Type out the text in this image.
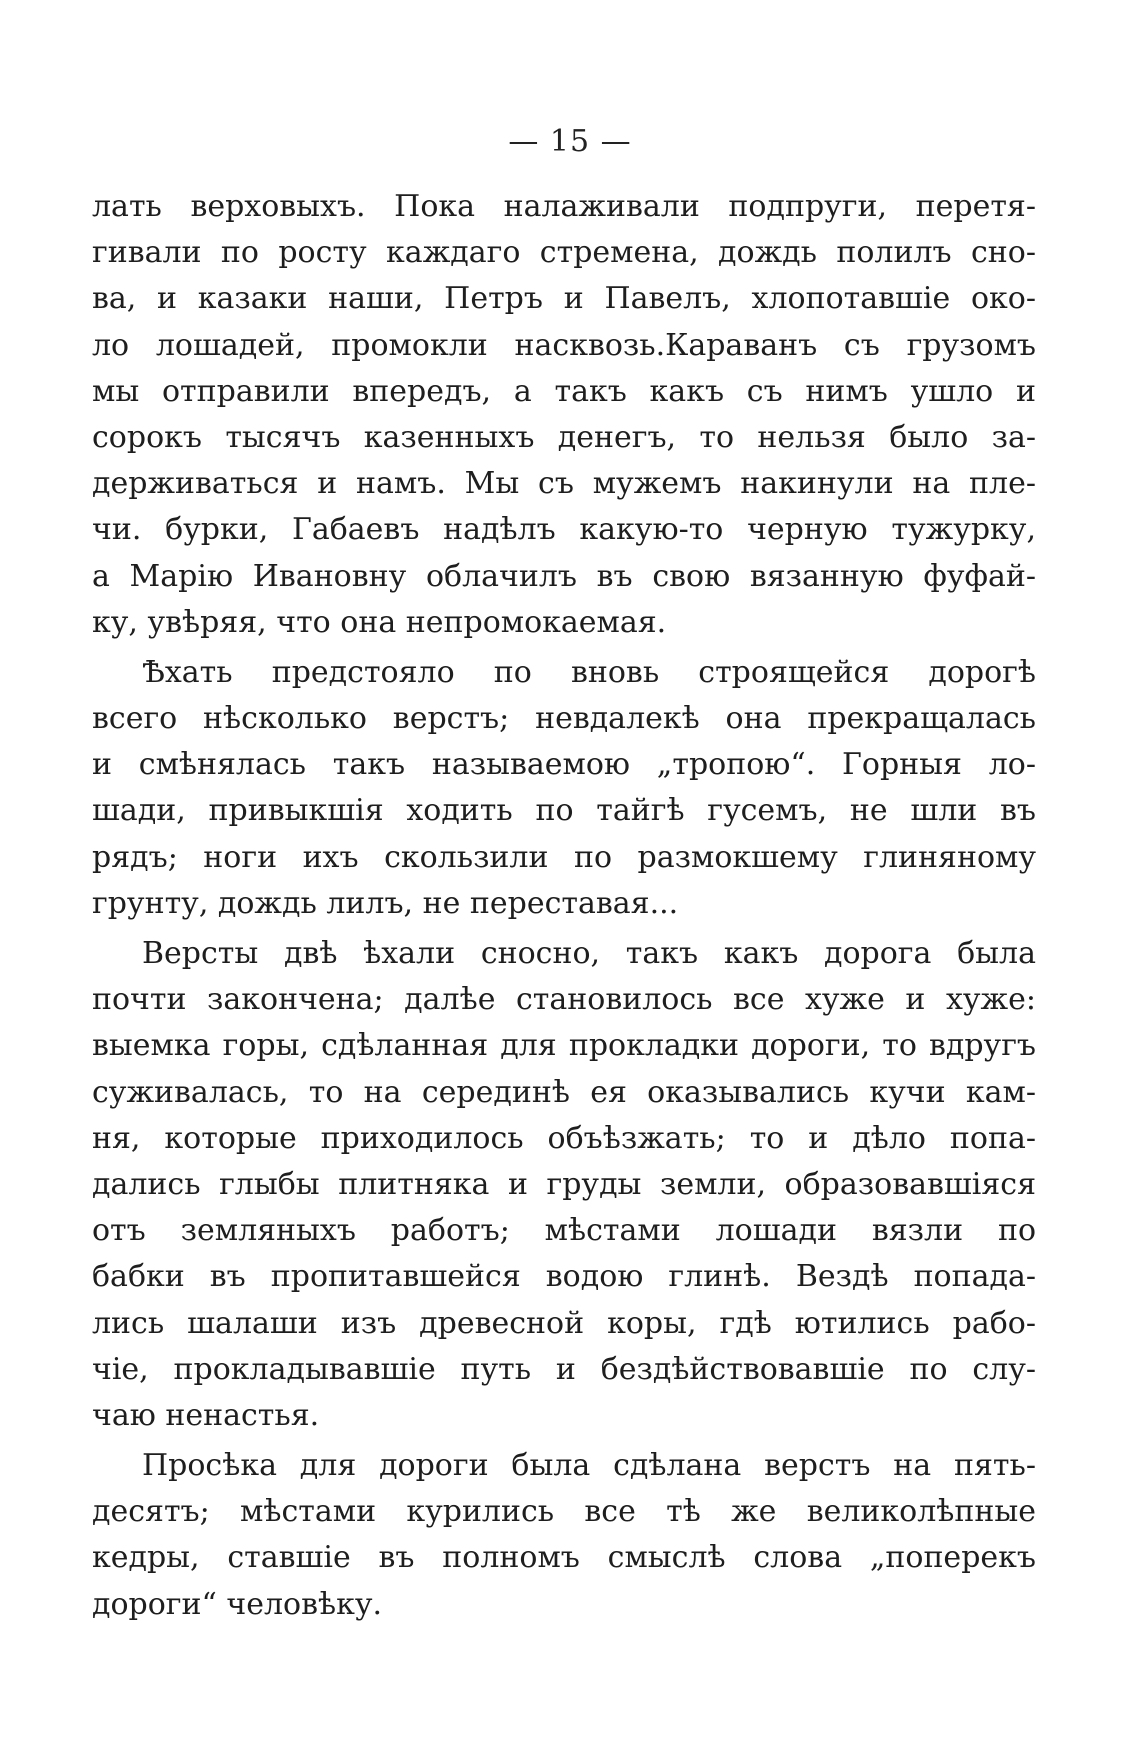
— 15 —
лать верховыхъ. Пока налаживали подпруги, перетя-
гивали по росту каждаго стремена, дождь полилъ сно-
ва, и казаки наши, Петръ и Павелъ, хлопотавшіе око-
ло лошадей, промокли насквозь.Караванъ съ грузомъ
мы отправили впередъ, а такъ какъ съ нимъ ушло и
сорокъ тысячъ казенныхъ денегъ, то нельзя было за-
держиваться и намъ. Мы съ мужемъ накинули на пле-
чи. бурки, Габаевъ надѣлъ какую-то черную тужурку,
а Марію Ивановну облачилъ въ свою вязанную фуфай-
ку, увѣряя, что она непромокаемая.
Ѣхать предстояло по вновь строящейся дорогѣ
всего нѣсколько верстъ; невдалекѣ она прекращалась
и смѣнялась такъ называемою „тропою“. Горныя ло-
шади, привыкшія ходить по тайгѣ гусемъ, не шли въ
рядъ; ноги ихъ скользили по размокшему глиняному
грунту, дождь лилъ, не переставая...
Версты двѣ ѣхали сносно, такъ какъ дорога была
почти закончена; далѣе становилось все хуже и хуже:
выемка горы, сдѣланная для прокладки дороги, то вдругъ
суживалась, то на серединѣ ея оказывались кучи кам-
ня, которые приходилось объѣзжать; то и дѣло попа-
дались глыбы плитняка и груды земли, образовавшіяся
отъ земляныхъ работъ; мѣстами лошади вязли по
бабки въ пропитавшейся водою глинѣ. Вездѣ попада-
лись шалаши изъ древесной коры, гдѣ ютились рабо-
чіе, прокладывавшіе путь и бездѣйствовавшіе по слу-
чаю ненастья.
Просѣка для дороги была сдѣлана верстъ на пять-
десятъ; мѣстами курились все тѣ же великолѣпные
кедры, ставшіе въ полномъ смыслѣ слова „поперекъ
дороги“ человѣку.
